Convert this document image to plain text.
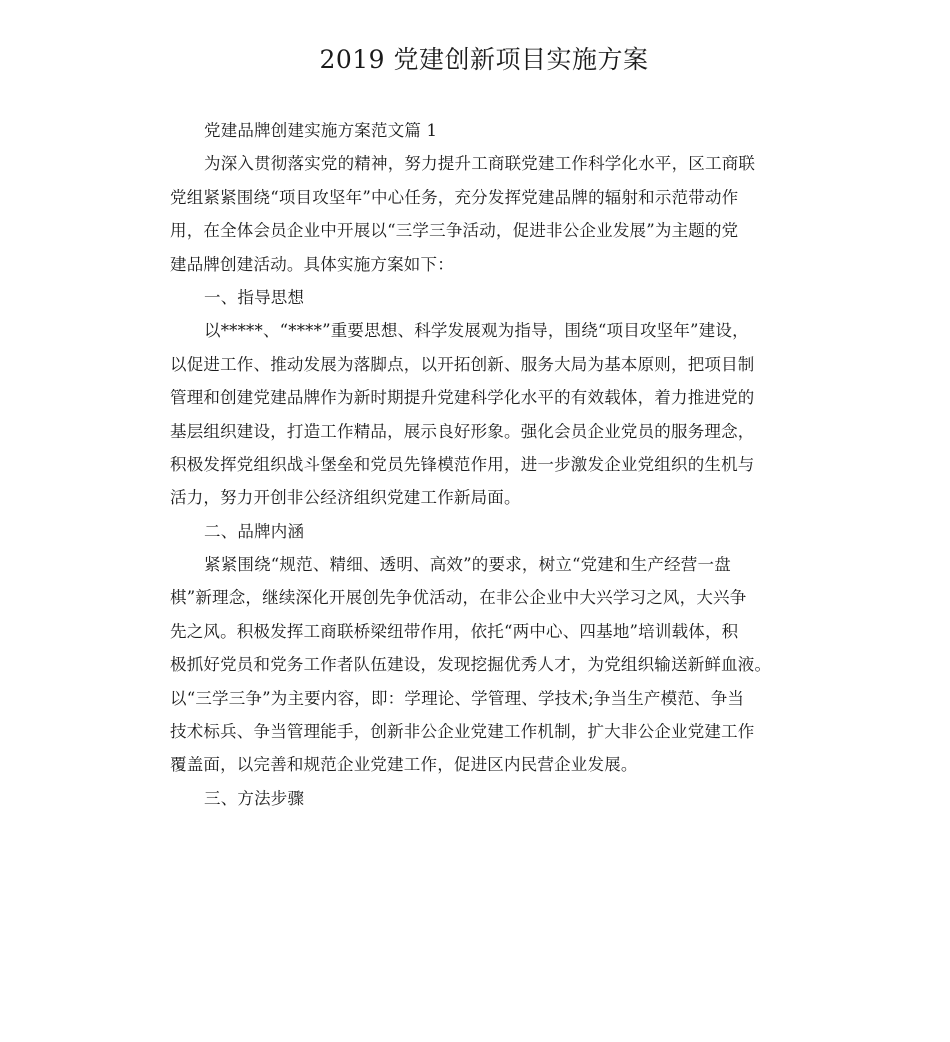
2019 党建创新项目实施方案
党建品牌创建实施方案范文篇 1
为深入贯彻落实党的精神，努力提升工商联党建工作科学化水平，区工商联
党组紧紧围绕“项目攻坚年”中心任务，充分发挥党建品牌的辐射和示范带动作
用，在全体会员企业中开展以“三学三争活动，促进非公企业发展”为主题的党
建品牌创建活动。具体实施方案如下：
一、指导思想
以*****、“****”重要思想、科学发展观为指导，围绕“项目攻坚年”建设，
以促进工作、推动发展为落脚点，以开拓创新、服务大局为基本原则，把项目制
管理和创建党建品牌作为新时期提升党建科学化水平的有效载体，着力推进党的
基层组织建设，打造工作精品，展示良好形象。强化会员企业党员的服务理念，
积极发挥党组织战斗堡垒和党员先锋模范作用，进一步激发企业党组织的生机与
活力，努力开创非公经济组织党建工作新局面。
二、品牌内涵
紧紧围绕“规范、精细、透明、高效”的要求，树立“党建和生产经营一盘
棋”新理念，继续深化开展创先争优活动，在非公企业中大兴学习之风，大兴争
先之风。积极发挥工商联桥梁纽带作用，依托“两中心、四基地”培训载体，积
极抓好党员和党务工作者队伍建设，发现挖掘优秀人才，为党组织输送新鲜血液。
以“三学三争”为主要内容，即：学理论、学管理、学技术;争当生产模范、争当
技术标兵、争当管理能手，创新非公企业党建工作机制，扩大非公企业党建工作
覆盖面，以完善和规范企业党建工作，促进区内民营企业发展。
三、方法步骤
